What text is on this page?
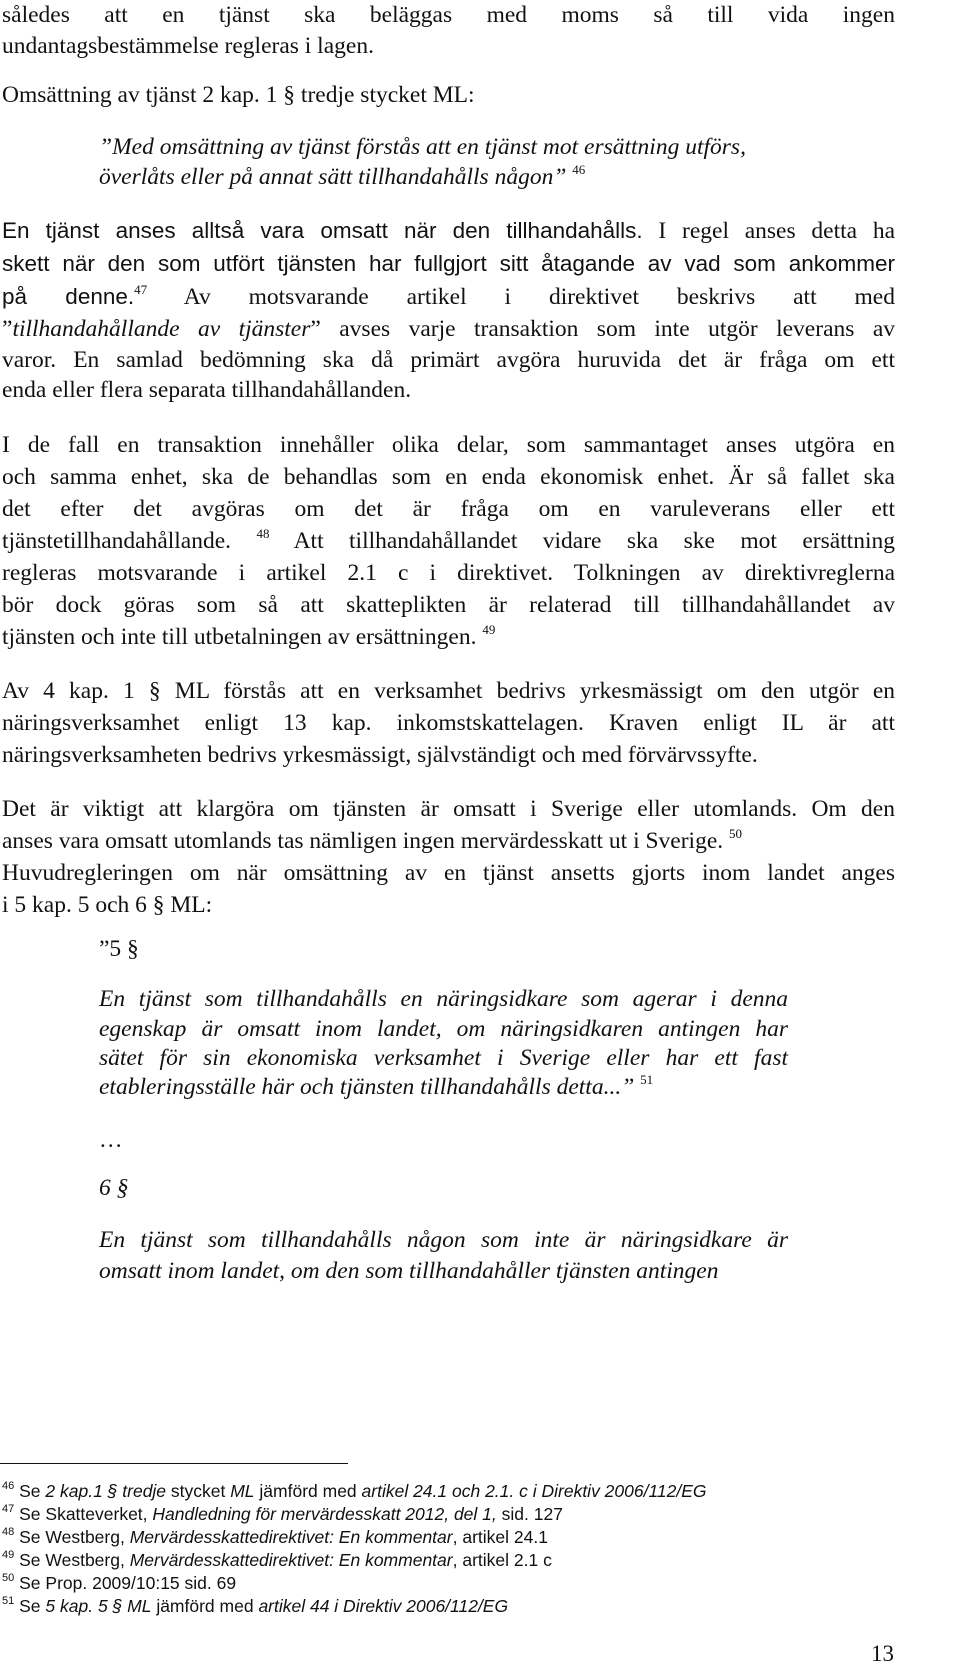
således att en tjänst ska beläggas med moms så till vida ingen
undantagsbestämmelse regleras i lagen.
Omsättning av tjänst 2 kap. 1 § tredje stycket ML:
”Med omsättning av tjänst förstås att en tjänst mot ersättning utförs,
överlåts eller på annat sätt tillhandahålls någon” $^{46}$
En tjänst anses alltså vara omsatt när den tillhandahålls. I regel anses detta ha
skett när den som utfört tjänsten har fullgjort sitt åtagande av vad som ankommer
på denne.$^{47}$ Av motsvarande artikel i direktivet beskrivs att med
”tillhandahållande av tjänster” avses varje transaktion som inte utgör leverans av
varor. En samlad bedömning ska då primärt avgöra huruvida det är fråga om ett
enda eller flera separata tillhandahållanden.
I de fall en transaktion innehåller olika delar, som sammantaget anses utgöra en
och samma enhet, ska de behandlas som en enda ekonomisk enhet. Är så fallet ska
det efter det avgöras om det är fråga om en varuleverans eller ett
tjänstetillhandahållande. $^{48}$ Att tillhandahållandet vidare ska ske mot ersättning
regleras motsvarande i artikel 2.1 c i direktivet. Tolkningen av direktivreglerna
bör dock göras som så att skatteplikten är relaterad till tillhandahållandet av
tjänsten och inte till utbetalningen av ersättningen. $^{49}$
Av 4 kap. 1 § ML förstås att en verksamhet bedrivs yrkesmässigt om den utgör en
näringsverksamhet enligt 13 kap. inkomstskattelagen. Kraven enligt IL är att
näringsverksamheten bedrivs yrkesmässigt, självständigt och med förvärvssyfte.
Det är viktigt att klargöra om tjänsten är omsatt i Sverige eller utomlands. Om den
anses vara omsatt utomlands tas nämligen ingen mervärdesskatt ut i Sverige. $^{50}$
Huvudregleringen om när omsättning av en tjänst ansetts gjorts inom landet anges
i 5 kap. 5 och 6 § ML:
”5 §
En tjänst som tillhandahålls en näringsidkare som agerar i denna
egenskap är omsatt inom landet, om näringsidkaren antingen har
sätet för sin ekonomiska verksamhet i Sverige eller har ett fast
etableringsställe här och tjänsten tillhandahålls detta...” $^{51}$
…
6 §
En tjänst som tillhandahålls någon som inte är näringsidkare är
omsatt inom landet, om den som tillhandahåller tjänsten antingen
$^{46}$ Se 2 kap.1 § tredje stycket ML jämförd med artikel 24.1 och 2.1. c i Direktiv 2006/112/EG
$^{47}$ Se Skatteverket, Handledning för mervärdesskatt 2012, del 1, sid. 127
$^{48}$ Se Westberg, Mervärdesskattedirektivet: En kommentar, artikel 24.1
$^{49}$ Se Westberg, Mervärdesskattedirektivet: En kommentar, artikel 2.1 c
$^{50}$ Se Prop. 2009/10:15 sid. 69
$^{51}$ Se 5 kap. 5 § ML jämförd med artikel 44 i Direktiv 2006/112/EG
13
